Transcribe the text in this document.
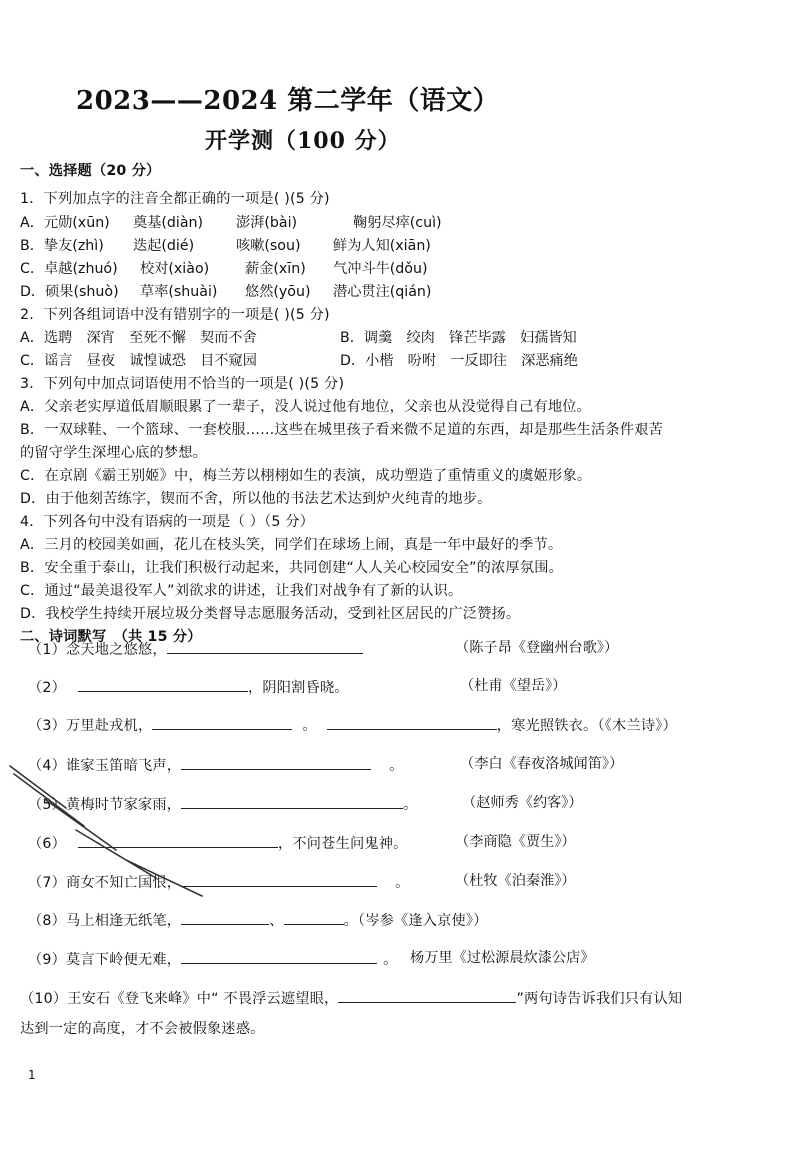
2023——2024 第二学年（语文）
开学测（100 分）
一、选择题（20 分）
1．下列加点字的注音全都正确的一项是( )(5 分)
A．元勋(xūn) 奠基(diàn) 澎湃(bài)	鞠躬尽瘁(cuì)
B．挚友(zhì) 迭起(dié)	咳嗽(sou) 鲜为人知(xiān)
C．卓越(zhuó) 校对(xiào)	薪金(xīn) 气冲斗牛(dǒu)
D．硕果(shuò) 草率(shuài) 悠然(yōu) 潜心贯注(qián)
2．下列各组词语中没有错别字的一项是( )(5 分)
A．选聘　深宵　至死不懈　契而不舍	B．调羹　绞肉　锋芒毕露　妇孺皆知
C．谣言　昼夜　诚惶诚恐　目不窥园	D．小楷　吩咐　一反即往　深恶痛绝
3．下列句中加点词语使用不恰当的一项是( )(5 分)
A．父亲老实厚道低眉顺眼累了一辈子，没人说过他有地位，父亲也从没觉得自己有地位。
B．一双球鞋、一个篮球、一套校服……这些在城里孩子看来微不足道的东西，却是那些生活条件艰苦
的留守学生深埋心底的梦想。
C．在京剧《霸王别姬》中，梅兰芳以栩栩如生的表演，成功塑造了重情重义的虞姬形象。
D．由于他刻苦练字，锲而不舍，所以他的书法艺术达到炉火纯青的地步。
4．下列各句中没有语病的一项是（ ）（5 分）
A．三月的校园美如画，花儿在枝头笑，同学们在球场上闹，真是一年中最好的季节。
B．安全重于泰山，让我们积极行动起来，共同创建“人人关心校园安全”的浓厚氛围。
C．通过“最美退役军人”刘欲求的讲述，让我们对战争有了新的认识。
D．我校学生持续开展垃圾分类督导志愿服务活动，受到社区居民的广泛赞扬。
二、诗词默写　（共 15 分）
（1）念天地之悠悠，	（陈子昂《登幽州台歌》）
（2）	，阴阳割昏晓。	（杜甫《望岳》）
（3）万里赴戎机，	。	，寒光照铁衣。（《木兰诗》）
（4）谁家玉笛暗飞声，	。	（李白《春夜洛城闻笛》）
（5）黄梅时节家家雨，	。	（赵师秀《约客》）
（6）	，不问苍生问鬼神。	（李商隐《贾生》）
（7）商女不知亡国恨，	。	（杜牧《泊秦淮》）
（8）马上相逢无纸笔，	、	。（岑参《逢入京使》）
（9）莫言下岭便无难，	。 杨万里《过松源晨炊漆公店》
（10）王安石《登飞来峰》中“ 不畏浮云遮望眼，	”两句诗告诉我们只有认知
达到一定的高度，才不会被假象迷惑。
1
